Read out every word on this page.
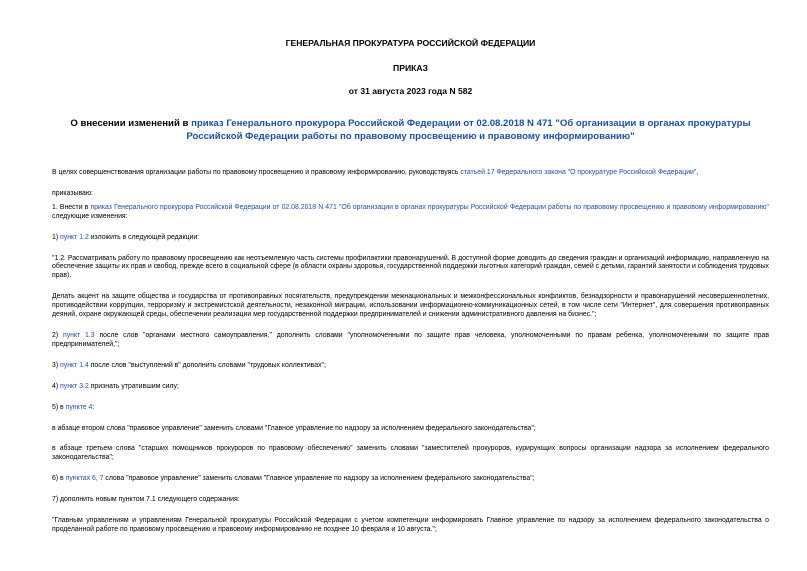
ГЕНЕРАЛЬНАЯ ПРОКУРАТУРА РОССИЙСКОЙ ФЕДЕРАЦИИ

ПРИКАЗ

от 31 августа 2023 года N 582

О внесении изменений в приказ Генерального прокурора Российской Федерации от 02.08.2018 N 471 "Об организации в органах прокуратуры Российской Федерации работы по правовому просвещению и правовому информированию"

В целях совершенствования организации работы по правовому просвещению и правовому информированию, руководствуясь статьей 17 Федерального закона "О прокуратуре Российской Федерации",

приказываю:

1. Внести в приказ Генерального прокурора Российской Федерации от 02.08.2018 N 471 "Об организации в органах прокуратуры Российской Федерации работы по правовому просвещению и правовому информированию" следующие изменения:

1) пункт 1.2 изложить в следующей редакции:

"1.2. Рассматривать работу по правовому просвещению как неотъемлемую часть системы профилактики правонарушений. В доступной форме доводить до сведения граждан и организаций информацию, направленную на обеспечение защиты их прав и свобод, прежде всего в социальной сфере (в области охраны здоровья, государственной поддержки льготных категорий граждан, семей с детьми, гарантий занятости и соблюдения трудовых прав).

Делать акцент на защите общества и государства от противоправных посягательств, предупреждении межнациональных и межконфессиональных конфликтов, безнадзорности и правонарушений несовершеннолетних, противодействии коррупции, терроризму и экстремистской деятельности, незаконной миграции, использовании информационно-коммуникационных сетей, в том числе сети "Интернет", для совершения противоправных деяний, охране окружающей среды, обеспечении реализации мер государственной поддержки предпринимателей и снижении административного давления на бизнес.";

2) пункт 1.3 после слов "органами местного самоуправления," дополнить словами "уполномоченными по защите прав человека, уполномоченными по правам ребенка, уполномоченными по защите прав предпринимателей,";

3) пункт 1.4 после слов "выступлений в" дополнить словами "трудовых коллективах";

4) пункт 3.2 признать утратившим силу;

5) в пункте 4:

в абзаце втором слова "правовое управление" заменить словами "Главное управление по надзору за исполнением федерального законодательства";

в абзаце третьем слова "старших помощников прокуроров по правовому обеспечению" заменить словами "заместителей прокуроров, курирующих вопросы организации надзора за исполнением федерального законодательства";

6) в пунктах 6, 7 слова "правовое управление" заменить словами "Главное управление по надзору за исполнением федерального законодательства";

7) дополнить новым пунктом 7.1 следующего содержания:

"Главным управлениям и управлениям Генеральной прокуратуры Российской Федерации с учетом компетенции информировать Главное управление по надзору за исполнением федерального законодательства о проделанной работе по правовому просвещению и правовому информированию не позднее 10 февраля и 10 августа.";
